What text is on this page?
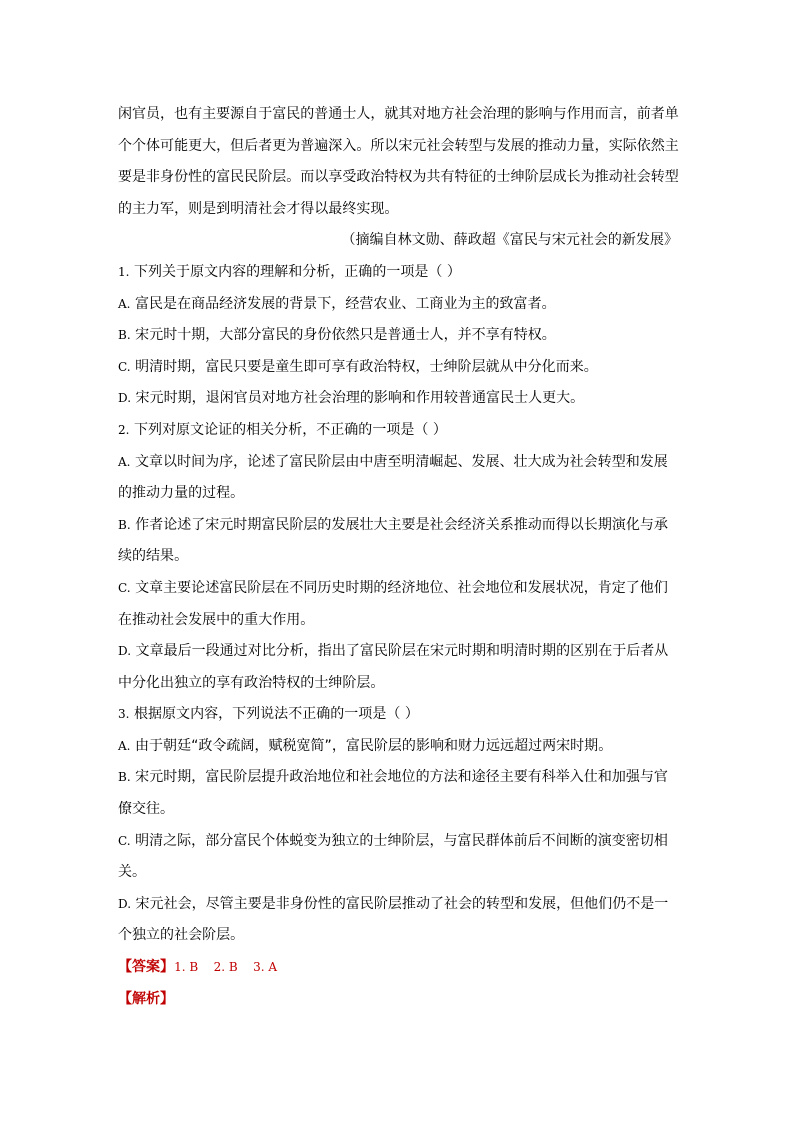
闲官员，也有主要源自于富民的普通士人，就其对地方社会治理的影响与作用而言，前者单
个个体可能更大，但后者更为普遍深入。所以宋元社会转型与发展的推动力量，实际依然主
要是非身份性的富民民阶层。而以享受政治特权为共有特征的士绅阶层成长为推动社会转型
的主力军，则是到明清社会才得以最终实现。
（摘编自林文勋、薛政超《富民与宋元社会的新发展》
1. 下列关于原文内容的理解和分析，正确的一项是（ ）
A. 富民是在商品经济发展的背景下，经营农业、工商业为主的致富者。
B. 宋元时十期，大部分富民的身份依然只是普通士人，并不享有特权。
C. 明清时期，富民只要是童生即可享有政治特权，士绅阶层就从中分化而来。
D. 宋元时期，退闲官员对地方社会治理的影响和作用较普通富民士人更大。
2. 下列对原文论证的相关分析，不正确的一项是（ ）
A. 文章以时间为序，论述了富民阶层由中唐至明清崛起、发展、壮大成为社会转型和发展
的推动力量的过程。
B. 作者论述了宋元时期富民阶层的发展壮大主要是社会经济关系推动而得以长期演化与承
续的结果。
C. 文章主要论述富民阶层在不同历史时期的经济地位、社会地位和发展状况，肯定了他们
在推动社会发展中的重大作用。
D. 文章最后一段通过对比分析，指出了富民阶层在宋元时期和明清时期的区别在于后者从
中分化出独立的享有政治特权的士绅阶层。
3. 根据原文内容，下列说法不正确的一项是（ ）
A. 由于朝廷“政令疏阔，赋税宽简”，富民阶层的影响和财力远远超过两宋时期。
B. 宋元时期，富民阶层提升政治地位和社会地位的方法和途径主要有科举入仕和加强与官
僚交往。
C. 明清之际，部分富民个体蜕变为独立的士绅阶层，与富民群体前后不间断的演变密切相
关。
D. 宋元社会，尽管主要是非身份性的富民阶层推动了社会的转型和发展，但他们仍不是一
个独立的社会阶层。
【答案】1. B    2. B    3. A
【解析】
